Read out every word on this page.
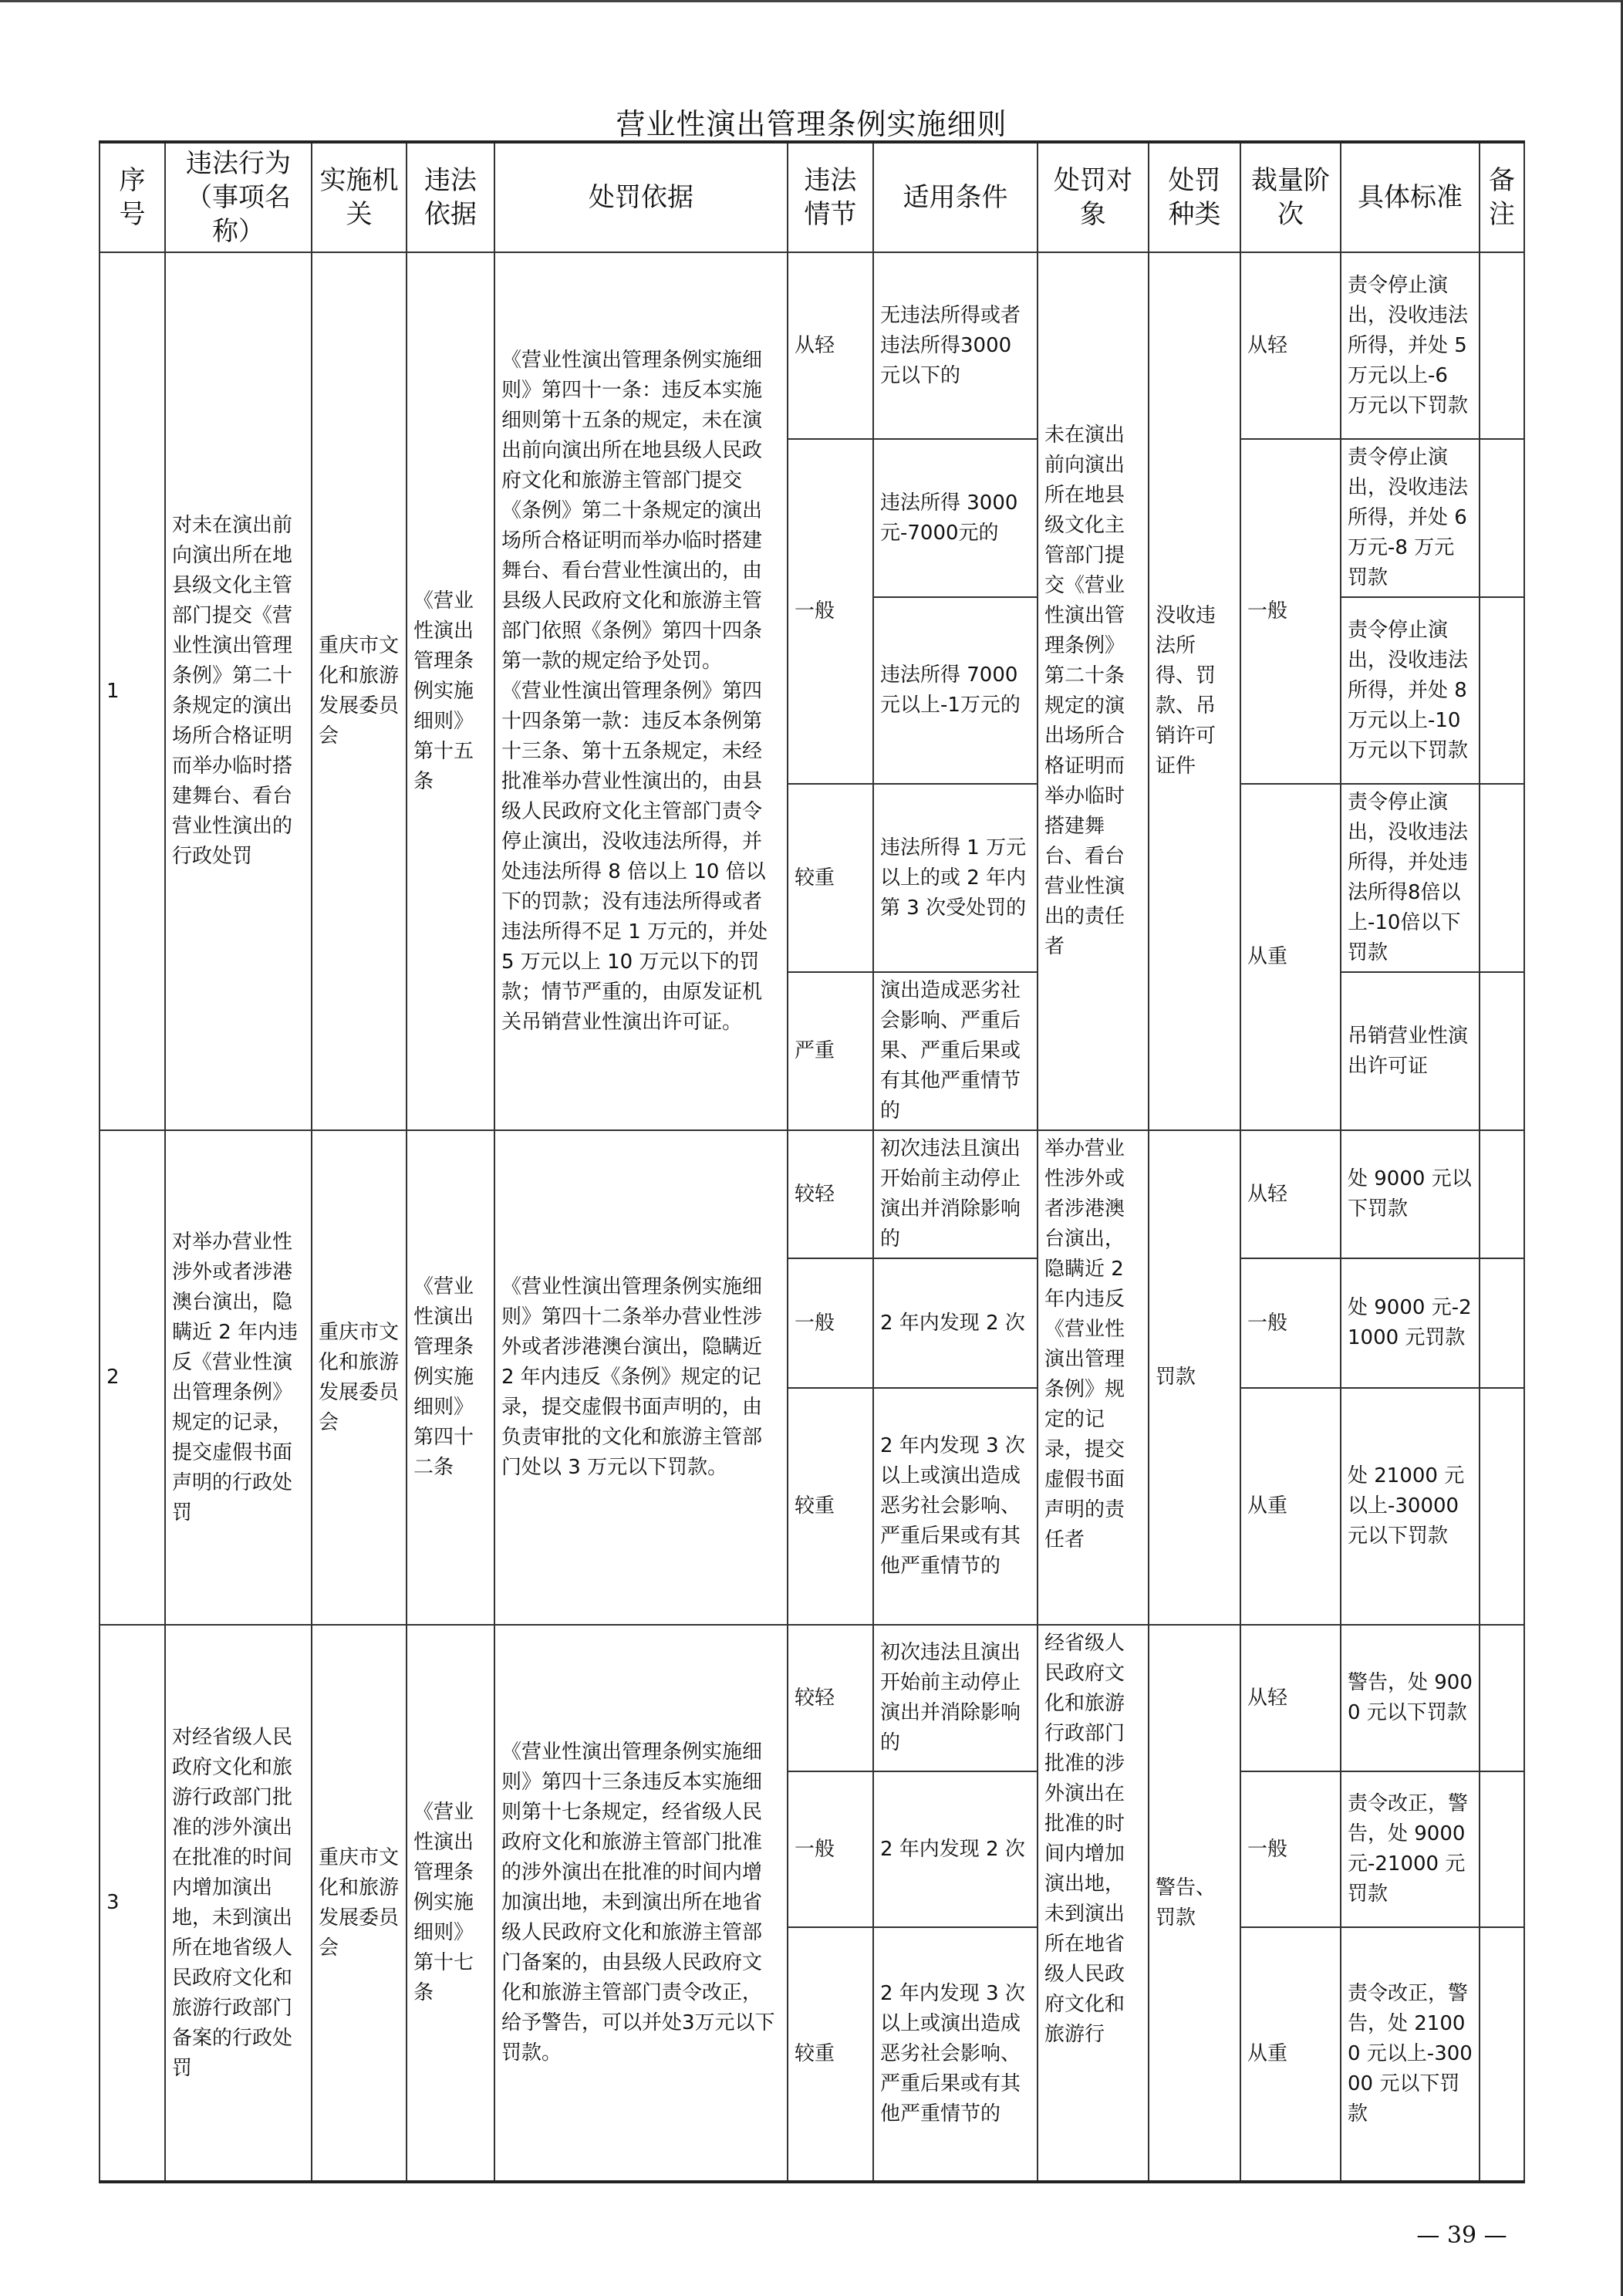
营业性演出管理条例实施细则
序号	违法行为（事项名称）	实施机关	违法依据	处罚依据	违法情节	适用条件	处罚对象	处罚种类	裁量阶次	具体标准	备注
1	对未在演出前向演出所在地县级文化主管部门提交《营业性演出管理条例》第二十条规定的演出场所合格证明而举办临时搭建舞台、看台营业性演出的行政处罚	重庆市文化和旅游发展委员会	《营业性演出管理条例实施细则》第十五条	《营业性演出管理条例实施细则》第四十一条：违反本实施细则第十五条的规定，未在演出前向演出所在地县级人民政府文化和旅游主管部门提交《条例》第二十条规定的演出场所合格证明而举办临时搭建舞台、看台营业性演出的，由县级人民政府文化和旅游主管部门依照《条例》第四十四条第一款的规定给予处罚。
《营业性演出管理条例》第四十四条第一款：违反本条例第十三条、第十五条规定，未经批准举办营业性演出的，由县级人民政府文化主管部门责令停止演出，没收违法所得，并处违法所得 8 倍以上 10 倍以下的罚款；没有违法所得或者违法所得不足 1 万元的，并处 5 万元以上 10 万元以下的罚款；情节严重的，由原发证机关吊销营业性演出许可证。	从轻	无违法所得或者违法所得3000元以下的	未在演出前向演出所在地县级文化主管部门提交《营业性演出管理条例》第二十条规定的演出场所合格证明而举办临时搭建舞台、看台营业性演出的责任者	没收违法所得、罚款、吊销许可证件	从轻	责令停止演出，没收违法所得，并处 5 万元以上-6 万元以下罚款	
					一般	违法所得 3000元-7000元的			一般	责令停止演出，没收违法所得，并处 6 万元-8 万元罚款	
						违法所得 7000元以上-1万元的				责令停止演出，没收违法所得，并处 8 万元以上-10 万元以下罚款	
					较重	违法所得 1 万元以上的或 2 年内第 3 次受处罚的			从重	责令停止演出，没收违法所得，并处违法所得8倍以上-10倍以下罚款	
					严重	演出造成恶劣社会影响、严重后果、严重后果或有其他严重情节的				吊销营业性演出许可证	
2	对举办营业性涉外或者涉港澳台演出，隐瞒近 2 年内违反《营业性演出管理条例》规定的记录，提交虚假书面声明的行政处罚	重庆市文化和旅游发展委员会	《营业性演出管理条例实施细则》第四十二条	《营业性演出管理条例实施细则》第四十二条举办营业性涉外或者涉港澳台演出，隐瞒近 2 年内违反《条例》规定的记录，提交虚假书面声明的，由负责审批的文化和旅游主管部门处以 3 万元以下罚款。	较轻	初次违法且演出开始前主动停止演出并消除影响的	举办营业性涉外或者涉港澳台演出，隐瞒近 2 年内违反《营业性演出管理条例》规定的记录，提交虚假书面声明的责任者	罚款	从轻	处 9000 元以下罚款	
					一般	2 年内发现 2 次			一般	处 9000 元-21000 元罚款	
					较重	2 年内发现 3 次以上或演出造成恶劣社会影响、严重后果或有其他严重情节的			从重	处 21000 元以上-30000 元以下罚款	
3	对经省级人民政府文化和旅游行政部门批准的涉外演出在批准的时间内增加演出地，未到演出所在地省级人民政府文化和旅游行政部门备案的行政处罚	重庆市文化和旅游发展委员会	《营业性演出管理条例实施细则》第十七条	《营业性演出管理条例实施细则》第四十三条违反本实施细则第十七条规定，经省级人民政府文化和旅游主管部门批准的涉外演出在批准的时间内增加演出地，未到演出所在地省级人民政府文化和旅游主管部门备案的，由县级人民政府文化和旅游主管部门责令改正，给予警告，可以并处3万元以下罚款。	较轻	初次违法且演出开始前主动停止演出并消除影响的	经省级人民政府文化和旅游行政部门批准的涉外演出在批准的时间内增加演出地，未到演出所在地省级人民政府文化和旅游行	警告、罚款	从轻	警告，处 9000 元以下罚款	
					一般	2 年内发现 2 次			一般	责令改正，警告，处 9000 元-21000 元罚款	
					较重	2 年内发现 3 次以上或演出造成恶劣社会影响、严重后果或有其他严重情节的			从重	责令改正，警告，处 21000 元以上-30000 元以下罚款	
— 39 —
